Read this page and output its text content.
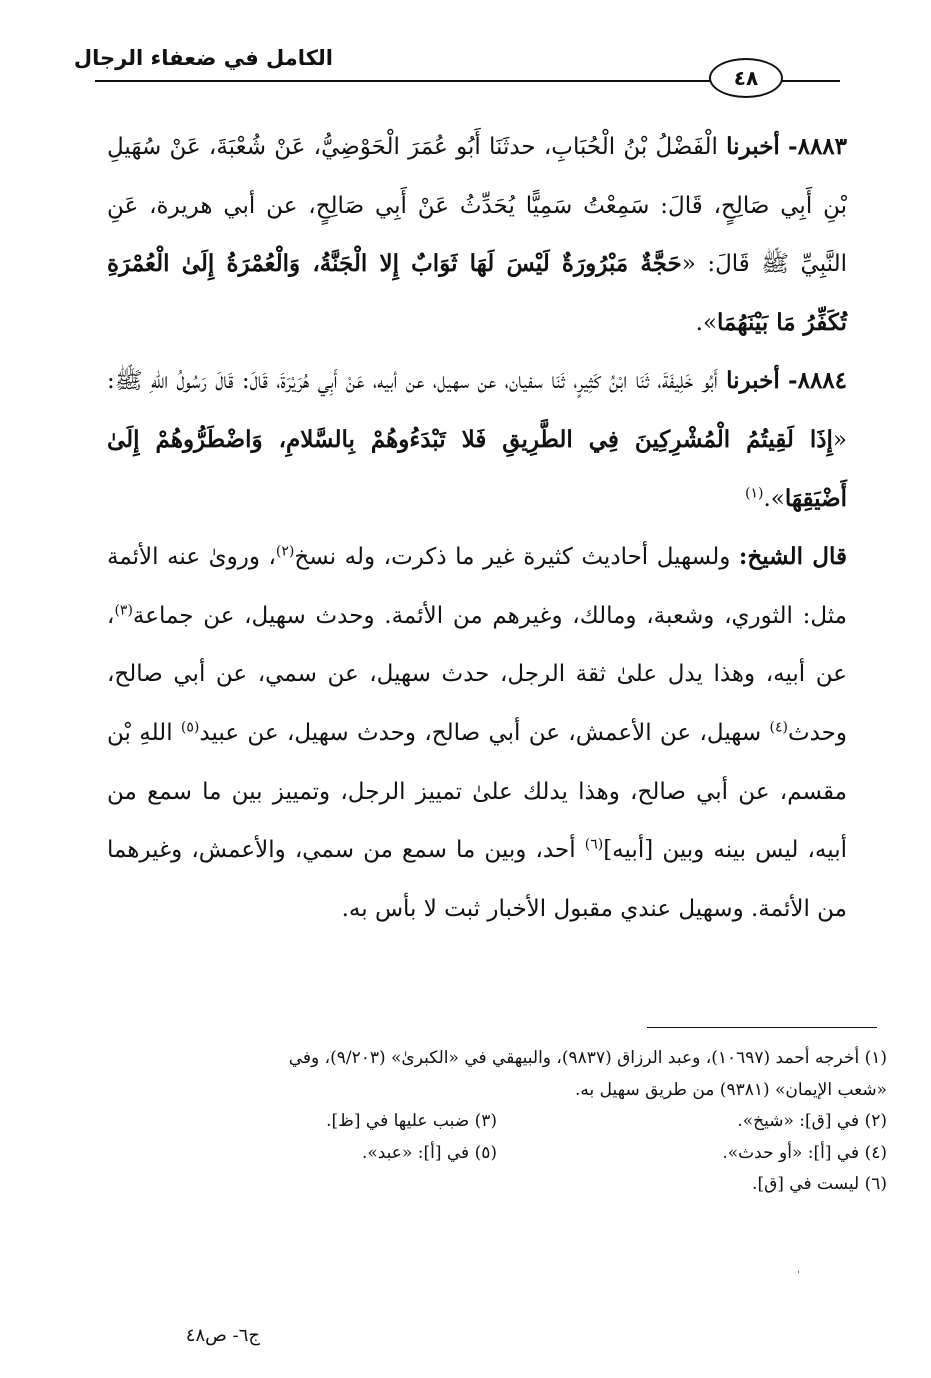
الكامل في ضعفاء الرجال
٤٨

٨٨٨٣- أخبرنا الْفَضْلُ بْنُ الْحُبَابِ، حدثَنَا أَبُو عُمَرَ الْحَوْضِيُّ، عَنْ شُعْبَةَ، عَنْ سُهَيلِ بْنِ أَبِي صَالِحٍ، قَالَ: سَمِعْتُ سَمِيًّا يُحَدِّثُ عَنْ أَبِي صَالِحٍ، عن أبي هريرة، عَنِ النَّبِيِّ ﷺ قَالَ: «حَجَّةٌ مَبْرُورَةٌ لَيْسَ لَهَا ثَوَابٌ إِلا الْجَنَّةُ، وَالْعُمْرَةُ إِلَىٰ الْعُمْرَةِ تُكَفِّرُ مَا بَيْنَهُمَا».

٨٨٨٤- أخبرنا أَبُو خَلِيفَةَ، ثَنَا ابْنُ كَثِيرٍ، ثَنَا سفيان، عن سهيل، عن أبيه، عَنْ أَبِي هُرَيْرَةَ، قَالَ: قَالَ رَسُولُ اللهِ ﷺ: «إِذَا لَقِيتُمُ الْمُشْرِكِينَ فِي الطَّرِيقِ فَلا تَبْدَءُوهُمْ بِالسَّلامِ، وَاضْطَرُّوهُمْ إِلَىٰ أَضْيَقِهَا».$^{(١)}$

قال الشيخ: ولسهيل أحاديث كثيرة غير ما ذكرت، وله نسخ$^{(٢)}$، وروىٰ عنه الأئمة مثل: الثوري، وشعبة، ومالك، وغيرهم من الأئمة. وحدث سهيل، عن جماعة$^{(٣)}$، عن أبيه، وهذا يدل علىٰ ثقة الرجل، حدث سهيل، عن سمي، عن أبي صالح، وحدث$^{(٤)}$ سهيل، عن الأعمش، عن أبي صالح، وحدث سهيل، عن عبيد$^{(٥)}$ اللهِ بْن مقسم، عن أبي صالح، وهذا يدلك علىٰ تمييز الرجل، وتمييز بين ما سمع من أبيه، ليس بينه وبين [أبيه]$^{(٦)}$ أحد، وبين ما سمع من سمي، والأعمش، وغيرهما من الأئمة. وسهيل عندي مقبول الأخبار ثبت لا بأس به.

(١) أخرجه أحمد (١٠٦٩٧)، وعبد الرزاق (٩٨٣٧)، والبيهقي في «الكبرىٰ» (٩/٢٠٣)، وفي
«شعب الإيمان» (٩٣٨١) من طريق سهيل به.

(٢) في [ق]: «شيخ».
(٣) ضبب عليها في [ظ].
(٤) في [أ]: «أو حدث».
(٥) في [أ]: «عبد».
(٦) ليست في [ق].
'
ج٦- ص٤٨
